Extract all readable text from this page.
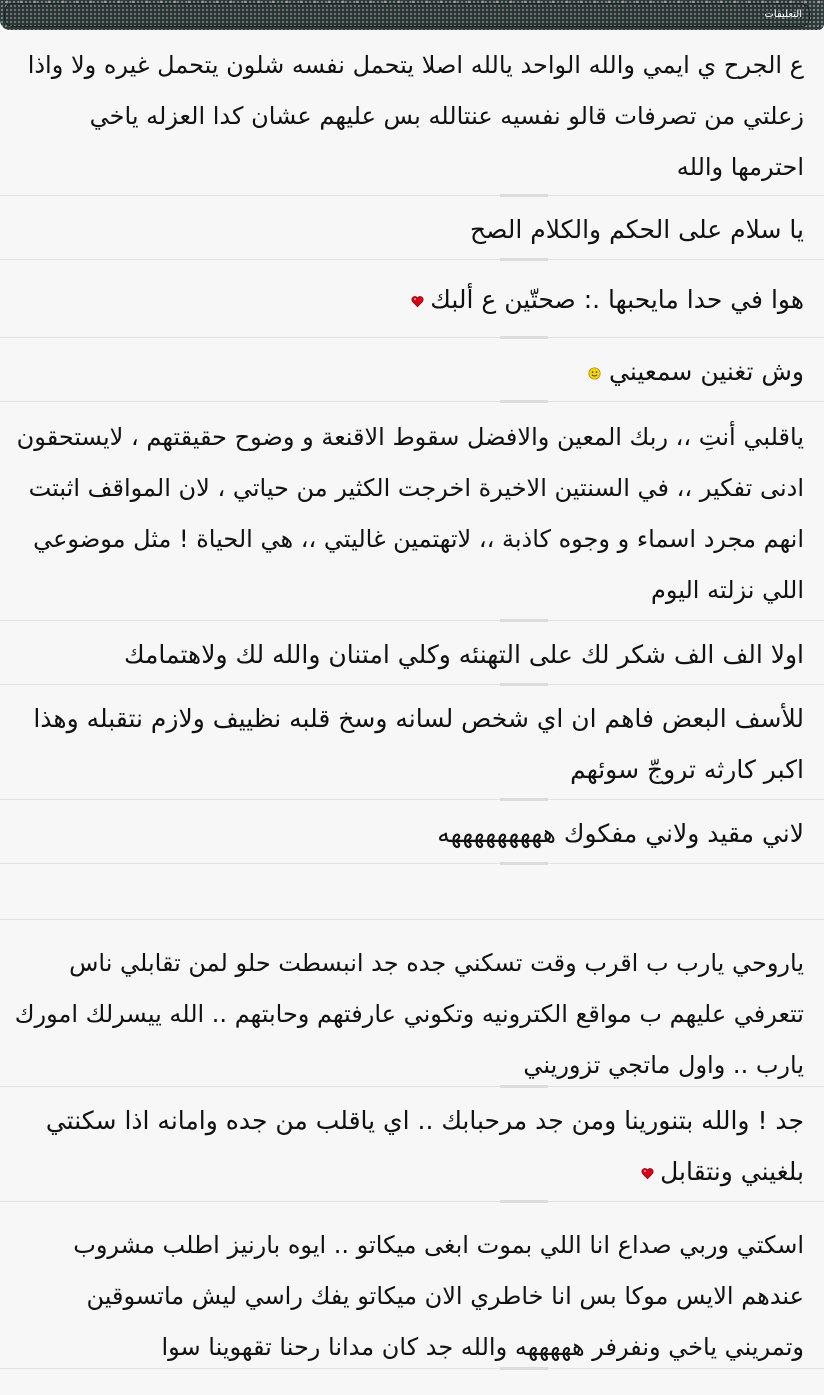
التعليقات
ع الجرح ي ايمي والله الواحد يالله اصلا يتحمل نفسه شلون يتحمل غيره ولا واذا زعلتي من تصرفات قالو نفسيه عنتالله بس عليهم عشان كدا العزله ياخي احترمها والله
يا سلام على الحكم والكلام الصح
هوا في حدا مايحبها .: صحتّين ع ألبك
وش تغنين سمعيني
ياقلبي أنتِ ،، ربك المعين والافضل سقوط الاقنعة و وضوح حقيقتهم ، لايستحقون ادنى تفكير ،، في السنتين الاخيرة اخرجت الكثير من حياتي ، لان المواقف اثبتت انهم مجرد اسماء و وجوه كاذبة ،، لاتهتمين غاليتي ،، هي الحياة ! مثل موضوعي اللي نزلته اليوم
اولا الف الف شكر لك على التهنئه وكلي امتنان والله لك ولاهتمامك
للأسف البعض فاهم ان اي شخص لسانه وسخ قلبه نظييف ولازم نتقبله وهذا اكبر كارثه تروجّ سوئهم
لاني مقيد ولاني مفكوك هههههههههه
ياروحي يارب ب اقرب وقت تسكني جده جد انبسطت حلو لمن تقابلي ناس تتعرفي عليهم ب مواقع الكترونيه وتكوني عارفتهم وحابتهم .. الله ييسرلك امورك يارب .. واول ماتجي تزوريني
جد ! والله بتنورينا ومن جد مرحبابك .. اي ياقلب من جده وامانه اذا سكنتي بلغيني ونتقابل
اسكتي وربي صداع انا اللي بموت ابغى ميكاتو .. ايوه بارنيز اطلب مشروب عندهم الايس موكا بس انا خاطري الان ميكاتو يفك راسي ليش ماتسوقين وتمريني ياخي ونفرفر هههههه والله جد كان مدانا رحنا تقهوينا سوا
